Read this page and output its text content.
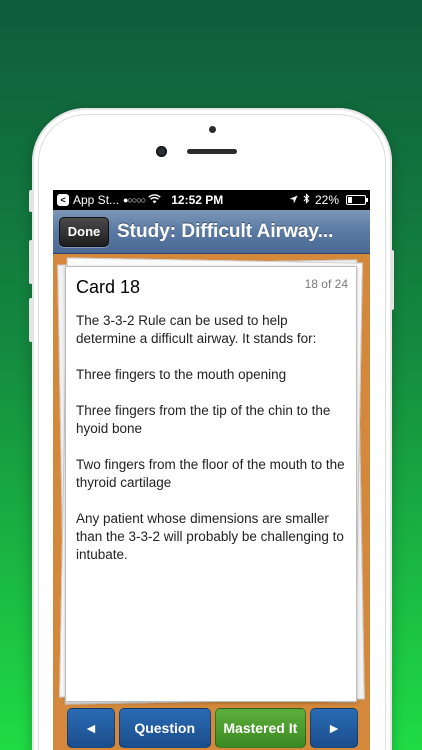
< App St... ●○○○○ 12:52 PM	22%
Done Study: Difficult Airway...
Card 18	18 of 24

The 3-3-2 Rule can be used to help determine a difficult airway. It stands for:

Three fingers to the mouth opening

Three fingers from the tip of the chin to the hyoid bone

Two fingers from the floor of the mouth to the thyroid cartilage

Any patient whose dimensions are smaller than the 3-3-2 will probably be challenging to intubate.

◄	Question	Mastered It	►
